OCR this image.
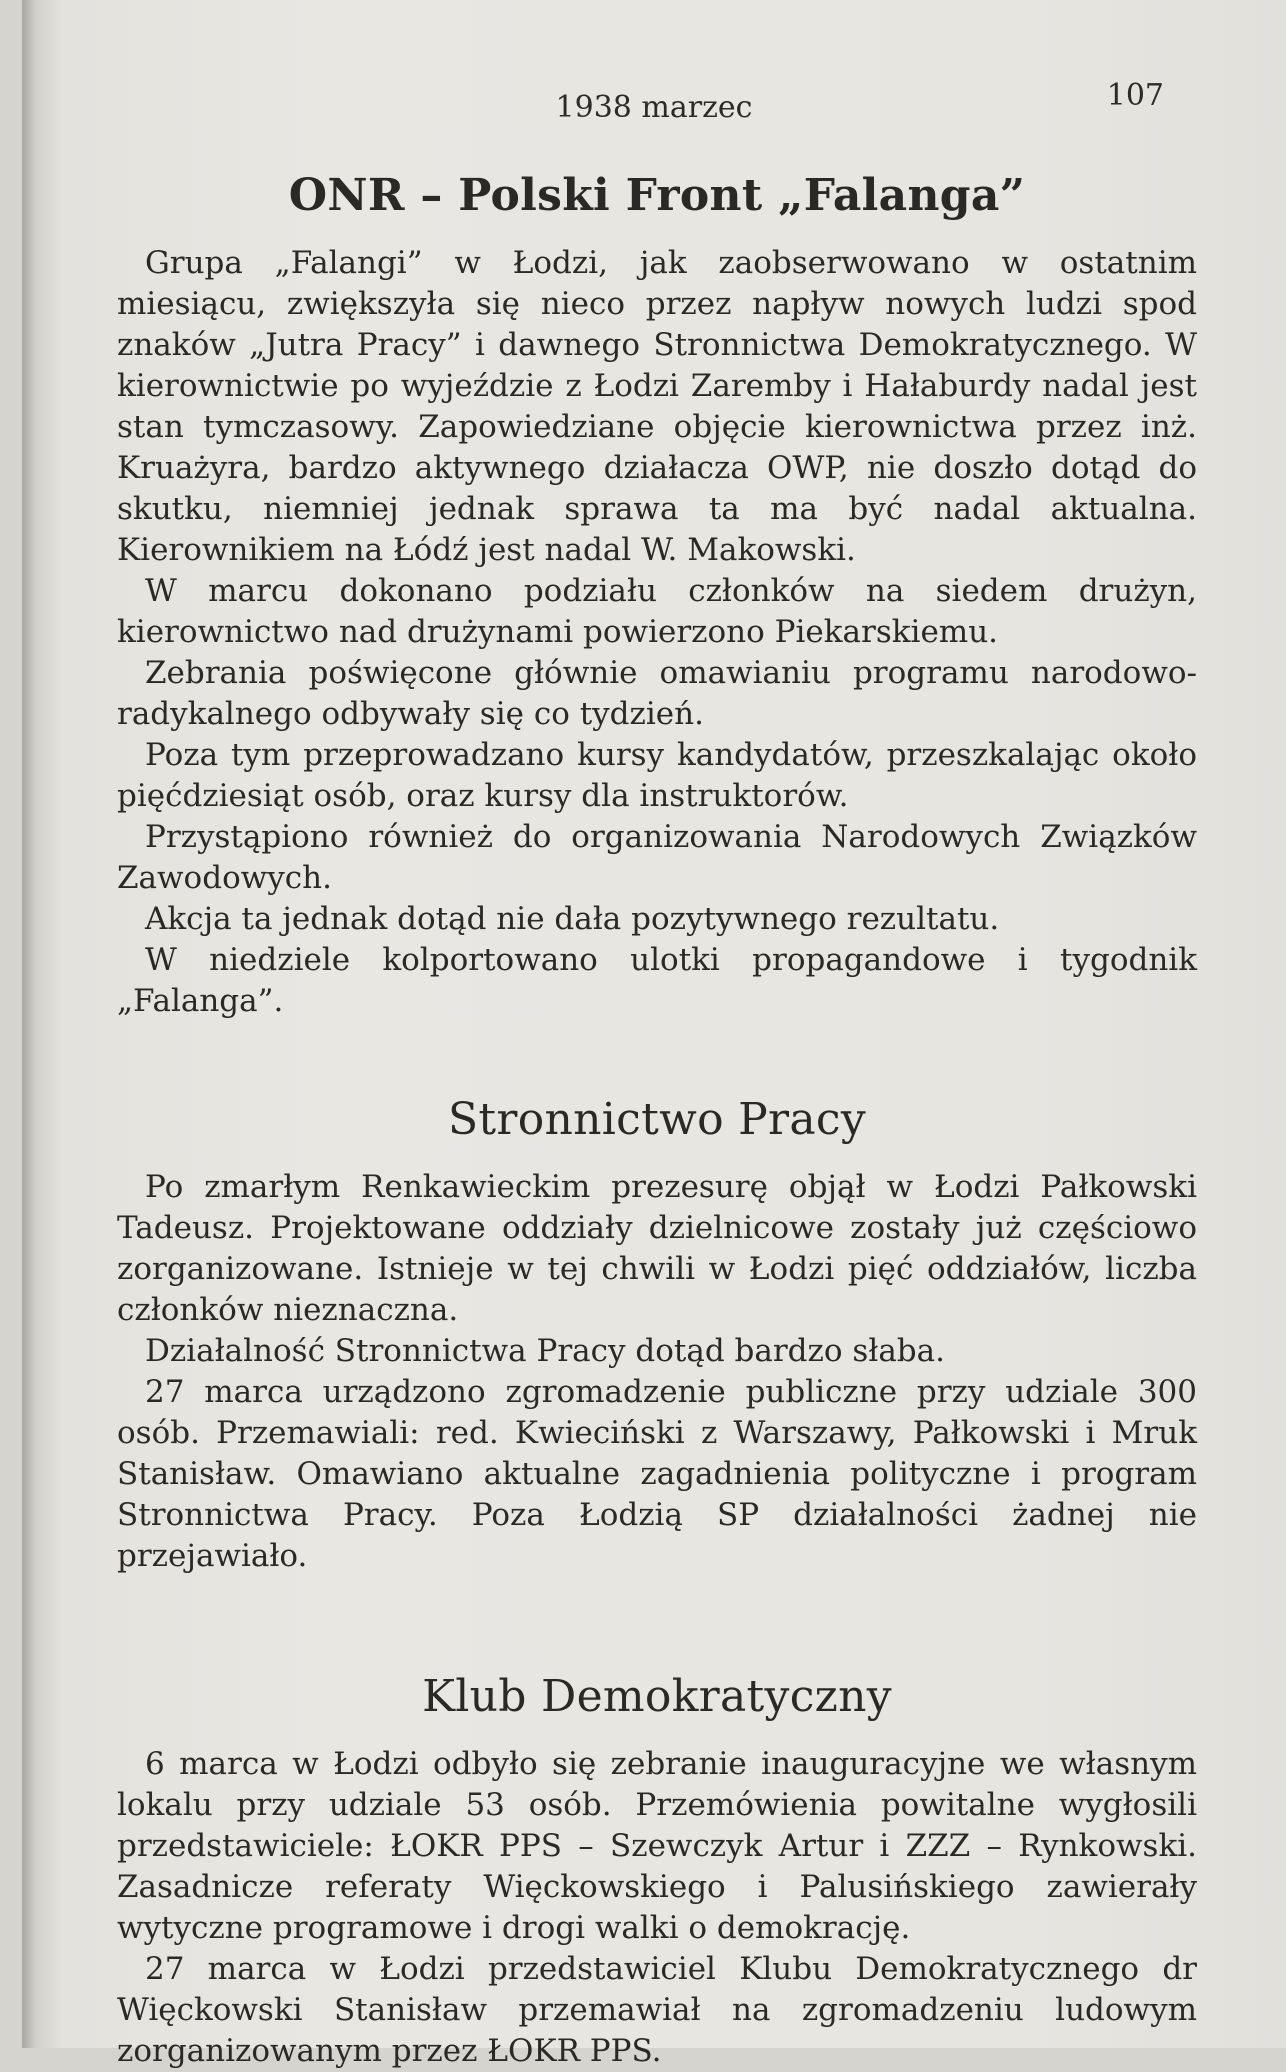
1938 marzec	107
ONR – Polski Front „Falanga”

Grupa „Falangi” w Łodzi, jak zaobserwowano w ostatnim miesiącu, zwiększyła się nieco przez napływ nowych ludzi spod znaków „Jutra Pracy” i dawnego Stronnictwa Demokratycznego. W kierownictwie po wyjeździe z Łodzi Zaremby i Hałaburdy nadal jest stan tymczasowy. Zapowiedziane objęcie kierownictwa przez inż. Kruażyra, bardzo aktywnego działacza OWP, nie doszło dotąd do skutku, niemniej jednak sprawa ta ma być nadal aktualna. Kierownikiem na Łódź jest nadal W. Makowski.

W marcu dokonano podziału członków na siedem drużyn, kierownictwo nad drużynami powierzono Piekarskiemu.

Zebrania poświęcone głównie omawianiu programu narodowo-radykalnego odbywały się co tydzień.

Poza tym przeprowadzano kursy kandydatów, przeszkalając około pięćdziesiąt osób, oraz kursy dla instruktorów.

Przystąpiono również do organizowania Narodowych Związków Zawodowych.

Akcja ta jednak dotąd nie dała pozytywnego rezultatu.

W niedziele kolportowano ulotki propagandowe i tygodnik „Falanga”.

Stronnictwo Pracy

Po zmarłym Renkawieckim prezesurę objął w Łodzi Pałkowski Tadeusz. Projektowane oddziały dzielnicowe zostały już częściowo zorganizowane. Istnieje w tej chwili w Łodzi pięć oddziałów, liczba członków nieznaczna.

Działalność Stronnictwa Pracy dotąd bardzo słaba.

27 marca urządzono zgromadzenie publiczne przy udziale 300 osób. Przemawiali: red. Kwieciński z Warszawy, Pałkowski i Mruk Stanisław. Omawiano aktualne zagadnienia polityczne i program Stronnictwa Pracy. Poza Łodzią SP działalności żadnej nie przejawiało.

Klub Demokratyczny

6 marca w Łodzi odbyło się zebranie inauguracyjne we własnym lokalu przy udziale 53 osób. Przemówienia powitalne wygłosili przedstawiciele: ŁOKR PPS – Szewczyk Artur i ZZZ – Rynkowski. Zasadnicze referaty Więckowskiego i Palusińskiego zawierały wytyczne programowe i drogi walki o demokrację.

27 marca w Łodzi przedstawiciel Klubu Demokratycznego dr Więckowski Stanisław przemawiał na zgromadzeniu ludowym zorganizowanym przez ŁOKR PPS.
